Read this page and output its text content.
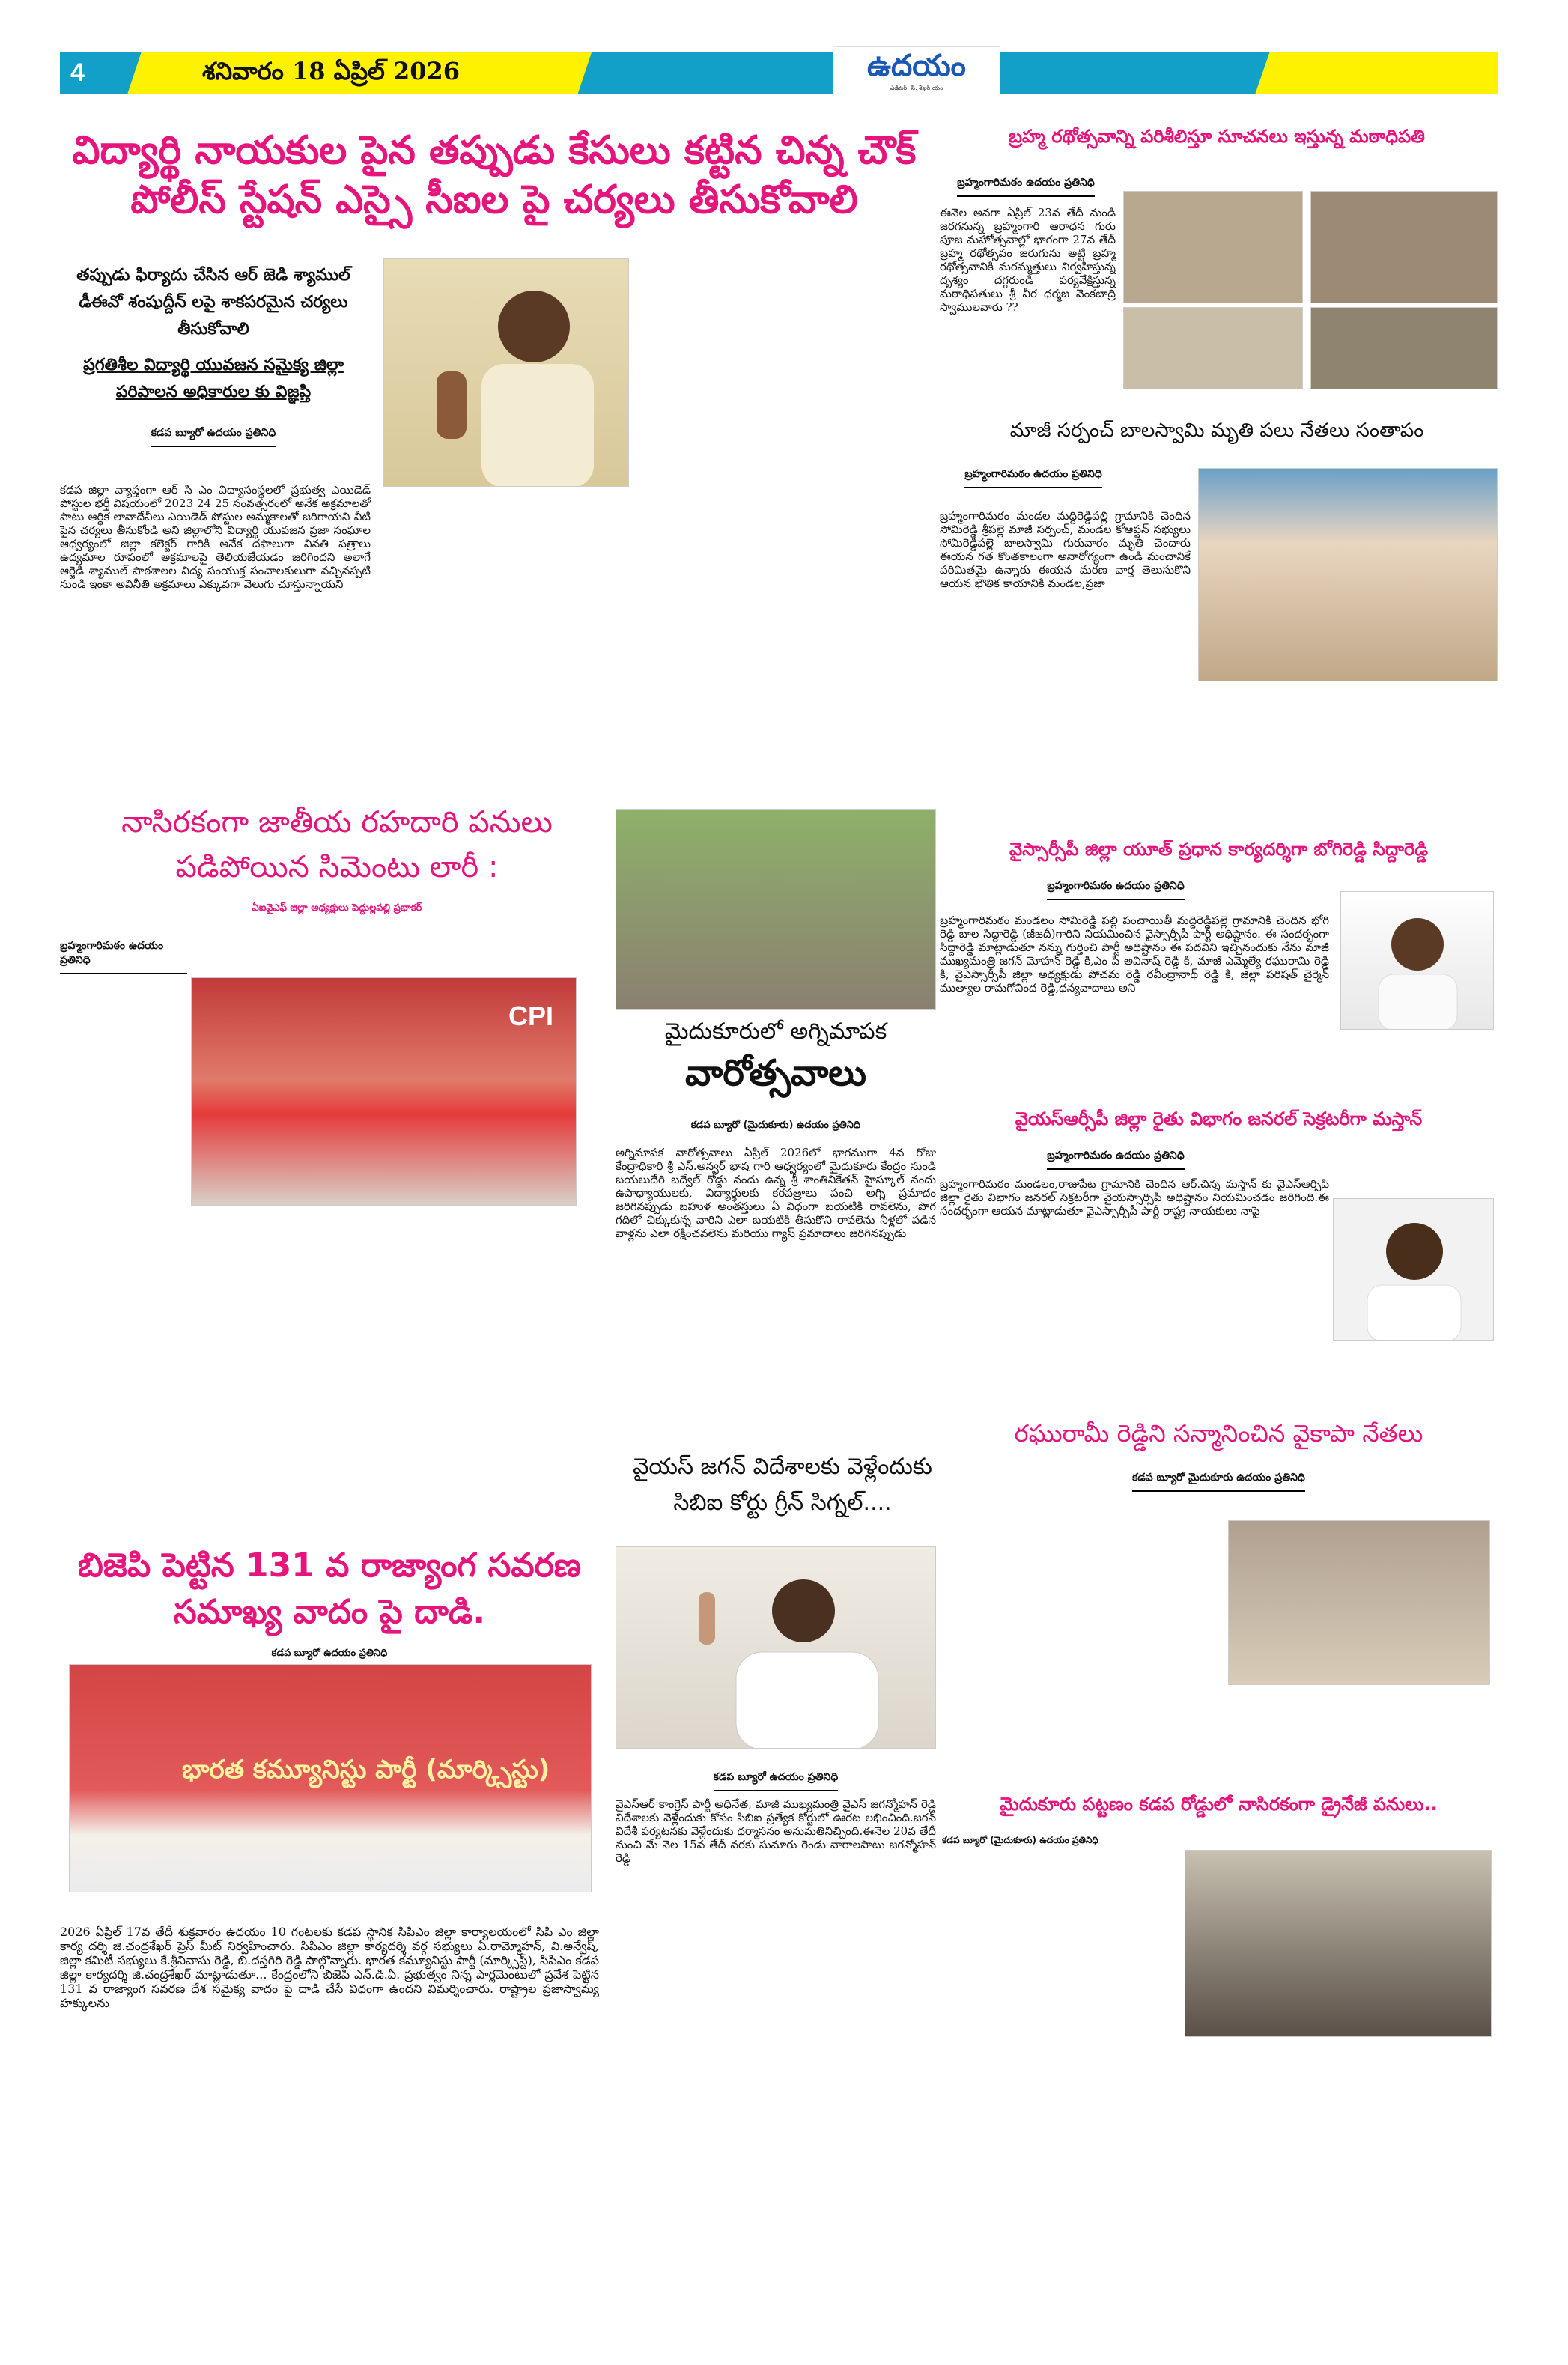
4	శనివారం 18 ఏప్రిల్ 2026	ఉదయం
ఎడిటర్: సి. శేఖర్ యం
విద్యార్థి నాయకుల పైన తప్పుడు కేసులు కట్టిన చిన్న చౌక్ పోలీస్ స్టేషన్ ఎస్సై సీఐల పై చర్యలు తీసుకోవాలి
తప్పుడు ఫిర్యాదు చేసిన ఆర్ జెడి శ్యాముల్ డీఈవో శంషుద్దీన్ లపై శాకపరమైన చర్యలు తీసుకోవాలి
ప్రగతిశీల విద్యార్థి యువజన సమైక్య జిల్లా పరిపాలన అధికారుల కు విజ్ఞప్తి
కడప బ్యూరో ఉదయం ప్రతినిధి
కడప జిల్లా వ్యాప్తంగా ఆర్ సి ఎం విద్యాసంస్థలలో ప్రభుత్వ ఎయిడెడ్ పోస్టుల భర్తీ విషయంలో 2023 24 25 సంవత్సరంలో అనేక అక్రమాలతో పాటు ఆర్థిక లావాదేవీలు ఎయిడెడ్ పోస్టుల అమ్మకాలతో జరిగాయని వీటి పైన చర్యలు తీసుకోండి అని జిల్లాలోని విద్యార్థి యువజన ప్రజా సంఘాల ఆధ్వర్యంలో జిల్లా కలెక్టర్ గారికి అనేక దఫాలుగా వినతి పత్రాలు ఉద్యమాల రూపంలో అక్రమాలపై తెలియజేయడం జరిగిందని అలాగే ఆర్జెడి శ్యాముల్ పాఠశాలల విద్య సంయుక్త సంచాలకులుగా వచ్చినప్పటి నుండి ఇంకా అవినీతి అక్రమాలు ఎక్కువగా వెలుగు చూస్తున్నాయని
బ్రహ్మ రథోత్సవాన్ని పరిశీలిస్తూ సూచనలు ఇస్తున్న మఠాధిపతి
బ్రహ్మంగారిమఠం ఉదయం ప్రతినిధి
ఈనెల అనగా ఏప్రిల్ 23వ తేదీ నుండి జరగనున్న బ్రహ్మంగారి ఆరాధన గురు పూజ మహోత్సవాల్లో భాగంగా 27వ తేదీ బ్రహ్మ రథోత్సవం జరుగును అట్టి బ్రహ్మ రథోత్సవానికి మరమ్మత్తులు నిర్వహిస్తున్న దృశ్యం దగ్గరుండి పర్యవేక్షిస్తున్న మఠాధిపతులు శ్రీ వీర ధర్మజ వెంకటాద్రి స్వాములవారు ??
మాజీ సర్పంచ్ బాలస్వామి మృతి పలు నేతలు సంతాపం
బ్రహ్మంగారిమఠం ఉదయం ప్రతినిధి
బ్రహ్మంగారిమఠం మండల మద్దిరెడ్డిపల్లి గ్రామానికి చెందిన సోమిరెడ్డి శ్రీపల్లె మాజీ సర్పంచ్, మండల కోఆప్షన్ సభ్యులు సోమిరెడ్డిపల్లె బాలస్వామి గురువారం మృతి చెందారు ఈయన గత కొంతకాలంగా అనారోగ్యంగా ఉండి మంచానికే పరిమితమై ఉన్నారు ఈయన మరణ వార్త తెలుసుకొని ఆయన భౌతిక కాయానికి మండల,ప్రజా
నాసిరకంగా జాతీయ రహదారి పనులు పడిపోయిన సిమెంటు లారీ :
ఏఐవైఎఫ్ జిల్లా అధ్యక్షులు పెద్దుల్లపల్లి ప్రభాకర్
బ్రహ్మంగారిమఠం ఉదయం ప్రతినిధి
CPI
మైదుకూరులో అగ్నిమాపక
వారోత్సవాలు
కడప బ్యూరో (మైదుకూరు) ఉదయం ప్రతినిధి
అగ్నిమాపక వారోత్సవాలు ఏప్రిల్ 2026లో భాగముగా 4వ రోజు కేంద్రాధికారి శ్రీ ఎస్.అన్వర్ భాష గారి ఆధ్వర్యంలో మైదుకూరు కేంద్రం నుండి బయలుదేరి బద్వేల్ రోడ్డు నందు ఉన్న శ్రీ శాంతినికేతన్ హైస్కూల్ నందు ఉపాధ్యాయులకు, విద్యార్థులకు కరపత్రాలు పంచి అగ్ని ప్రమాదం జరిగినప్పుడు బహుళ అంతస్తులు ఏ విధంగా బయటికి రావలెను, పొగ గదిలో చిక్కుకున్న వారిని ఎలా బయటికి తీసుకొని రావలెను నీళ్లలో పడిన వాళ్లను ఎలా రక్షించవలెను మరియు గ్యాస్ ప్రమాదాలు జరిగినప్పుడు
వైస్సార్సీపీ జిల్లా యూత్ ప్రధాన కార్యదర్శిగా బోగిరెడ్డి సిద్దారెడ్డి
బ్రహ్మంగారిమఠం ఉదయం ప్రతినిధి
బ్రహ్మంగారిమఠం మండలం సోమిరెడ్డి పల్లి పంచాయితీ మద్దిరెడ్డిపల్లె గ్రామానికి చెందిన భోగి రెడ్డి బాల సిద్దారెడ్డి (జీజదీ)గారిని నియమించిన వైస్సార్సీపీ పార్టీ అధిష్టానం. ఈ సందర్భంగా సిద్దారెడ్డి మాట్లాడుతూ నన్ను గుర్తించి పార్టీ అధిష్టానం ఈ పదవిని ఇచ్చినందుకు నేను మాజీ ముఖ్యమంత్రి జగన్ మోహన్ రెడ్డి కి,ఎం పి అవినాష్ రెడ్డి కి, మాజీ ఎమ్మెల్యే రఘురామి రెడ్డి కి, వైఎస్సార్సీపీ జిల్లా అధ్యక్షుడు పోచమ రెడ్డి రవీంద్రానాథ్ రెడ్డి కి, జిల్లా పరిషత్ చైర్మెన్ ముత్యాల రామగోవింద రెడ్డి,ధన్యవాదాలు అని
వైయస్ఆర్సీపీ జిల్లా రైతు విభాగం జనరల్ సెక్రటరీగా మస్తాన్
బ్రహ్మంగారిమఠం ఉదయం ప్రతినిధి
బ్రహ్మంగారిమఠం మండలం,రాజుపేట గ్రామానికి చెందిన ఆర్.చిన్న మస్తాన్ కు వైఎస్ఆర్సిపి జిల్లా రైతు విభాగం జనరల్ సెక్రటరీగా వైయస్సార్సిపి అధిష్టానం నియమించడం జరిగింది.ఈ సందర్భంగా ఆయన మాట్లాడుతూ వైఎస్సార్సీపీ పార్టీ రాష్ట్ర నాయకులు నాపై
వైయస్ జగన్ విదేశాలకు వెళ్లేందుకు సిబిఐ కోర్టు గ్రీన్ సిగ్నల్....
కడప బ్యూరో ఉదయం ప్రతినిధి
వైఎస్ఆర్ కాంగ్రెస్ పార్టీ అధినేత, మాజీ ముఖ్యమంత్రి వైఎస్ జగన్మోహన్ రెడ్డి విదేశాలకు వెళ్లేందుకు కోసం సిబిఐ ప్రత్యేక కోర్టులో ఊరట లభించింది.జగన్ విదేశీ పర్యటనకు వెళ్లేందుకు ధర్మాసనం అనుమతినిచ్చింది.ఈనెల 20వ తేదీ నుంచి మే నెల 15వ తేదీ వరకు సుమారు రెండు వారాలపాటు జగన్మోహన్ రెడ్డి
రఘురామీ రెడ్డిని సన్మానించిన వైకాపా నేతలు
కడప బ్యూరో మైదుకూరు ఉదయం ప్రతినిధి
బిజెపి పెట్టిన 131 వ రాజ్యాంగ సవరణ సమాఖ్య వాదం పై దాడి.
కడప బ్యూరో ఉదయం ప్రతినిధి
భారత కమ్యూనిస్టు పార్టీ (మార్క్సిస్టు)
2026 ఏప్రిల్ 17వ తేదీ శుక్రవారం ఉదయం 10 గంటలకు కడప స్థానిక సిపిఎం జిల్లా కార్యాలయంలో సిపి ఎం జిల్లా కార్య దర్శి జి.చంద్రశేఖర్ ప్రెస్ మీట్ నిర్వహించారు. సిపిఎం జిల్లా కార్యదర్శి వర్గ సభ్యులు ఏ.రామ్మోహన్, వి.అన్వేష్, జిల్లా కమిటీ సభ్యులు కే.శ్రీనివాసు రెడ్డి, బి.దస్తగిరి రెడ్డి పాల్గొన్నారు. భారత కమ్యూనిస్టు పార్టీ (మార్క్సిస్ట్), సిపిఎం కడప జిల్లా కార్యదర్శి జి.చంద్రశేఖర్ మాట్లాడుతూ... కేంద్రంలోని బిజెపి ఎన్.డి.ఏ. ప్రభుత్వం నిన్న పార్లమెంటులో ప్రవేశ పెట్టిన 131 వ రాజ్యాంగ సవరణ దేశ సమైక్య వాదం పై దాడి చేసే విధంగా ఉందని విమర్శించారు. రాష్ట్రాల ప్రజాస్వామ్య హక్కులను
మైదుకూరు పట్టణం కడప రోడ్డులో నాసిరకంగా డ్రైనేజీ పనులు..
కడప బ్యూరో (మైదుకూరు) ఉదయం ప్రతినిధి
